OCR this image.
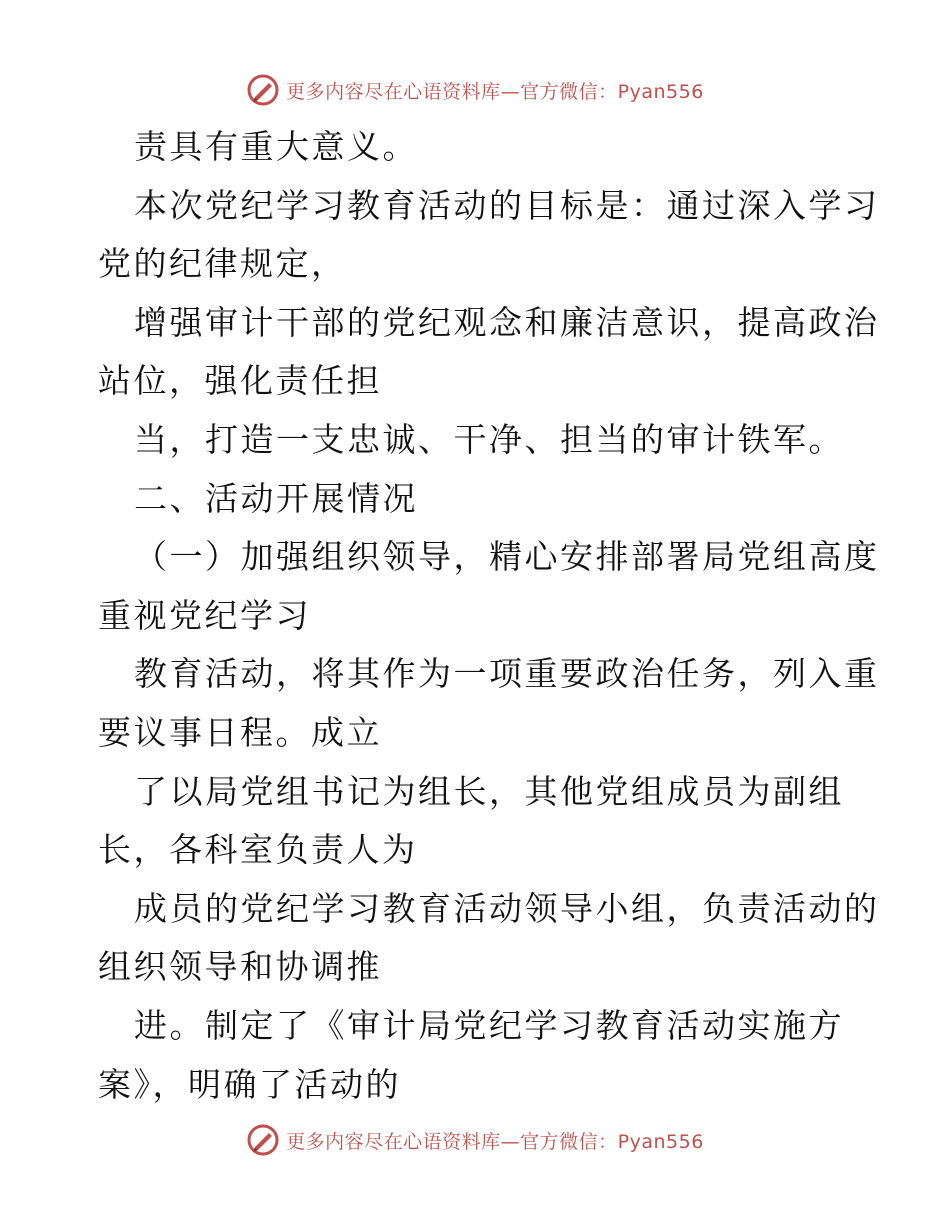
更多内容尽在心语资料库—官方微信：Pyan556
责具有重大意义。
本次党纪学习教育活动的目标是：通过深入学习
党的纪律规定，
增强审计干部的党纪观念和廉洁意识，提高政治
站位，强化责任担
当，打造一支忠诚、干净、担当的审计铁军。
二、活动开展情况
（一）加强组织领导，精心安排部署局党组高度
重视党纪学习
教育活动，将其作为一项重要政治任务，列入重
要议事日程。成立
了以局党组书记为组长，其他党组成员为副组
长，各科室负责人为
成员的党纪学习教育活动领导小组，负责活动的
组织领导和协调推
进。制定了《审计局党纪学习教育活动实施方
案》，明确了活动的
更多内容尽在心语资料库—官方微信：Pyan556
